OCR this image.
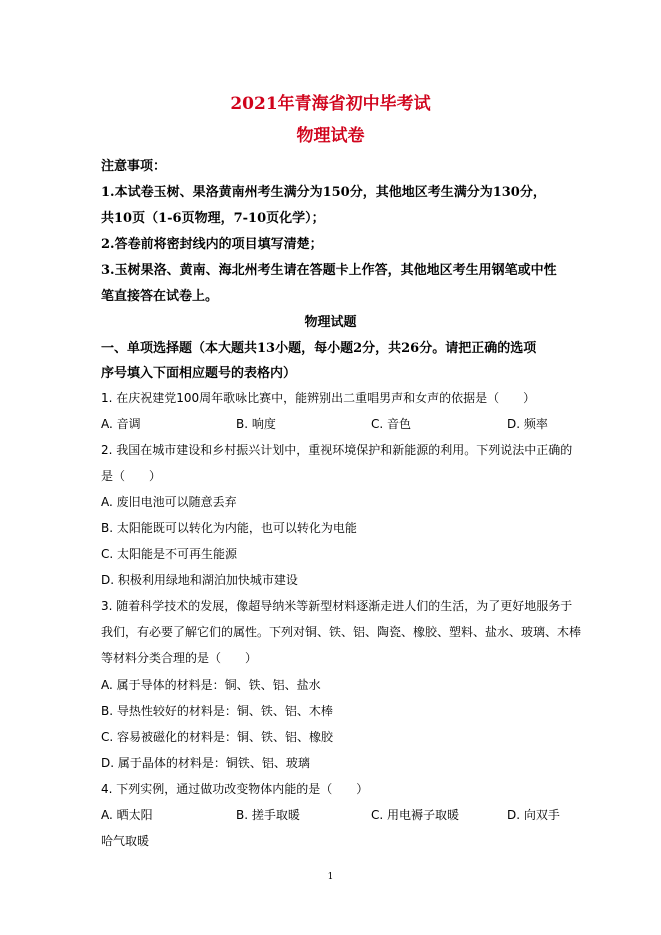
2021年青海省初中毕考试
物理试卷
注意事项：
1.本试卷玉树、果洛黄南州考生满分为150分，其他地区考生满分为130分，
共10页（1-6页物理，7-10页化学）；
2.答卷前将密封线内的项目填写清楚；
3.玉树果洛、黄南、海北州考生请在答题卡上作答，其他地区考生用钢笔或中性
笔直接答在试卷上。
物理试题
一、单项选择题（本大题共13小题，每小题2分，共26分。请把正确的选项
序号填入下面相应题号的表格内）
1. 在庆祝建党100周年歌咏比赛中，能辨别出二重唱男声和女声的依据是（　　）
A. 音调	B. 响度	C. 音色	D. 频率
2. 我国在城市建设和乡村振兴计划中，重视环境保护和新能源的利用。下列说法中正确的
是（　　）
A. 废旧电池可以随意丢弃
B. 太阳能既可以转化为内能，也可以转化为电能
C. 太阳能是不可再生能源
D. 积极利用绿地和湖泊加快城市建设
3. 随着科学技术的发展，像超导纳米等新型材料逐渐走进人们的生活，为了更好地服务于
我们，有必要了解它们的属性。下列对铜、铁、铝、陶瓷、橡胶、塑料、盐水、玻璃、木棒
等材料分类合理的是（　　）
A. 属于导体的材料是：铜、铁、铝、盐水
B. 导热性较好的材料是：铜、铁、铝、木棒
C. 容易被磁化的材料是：铜、铁、铝、橡胶
D. 属于晶体的材料是：铜铁、铝、玻璃
4. 下列实例，通过做功改变物体内能的是（　　）
A. 晒太阳	B. 搓手取暖	C. 用电褥子取暖	D. 向双手
哈气取暖
1
